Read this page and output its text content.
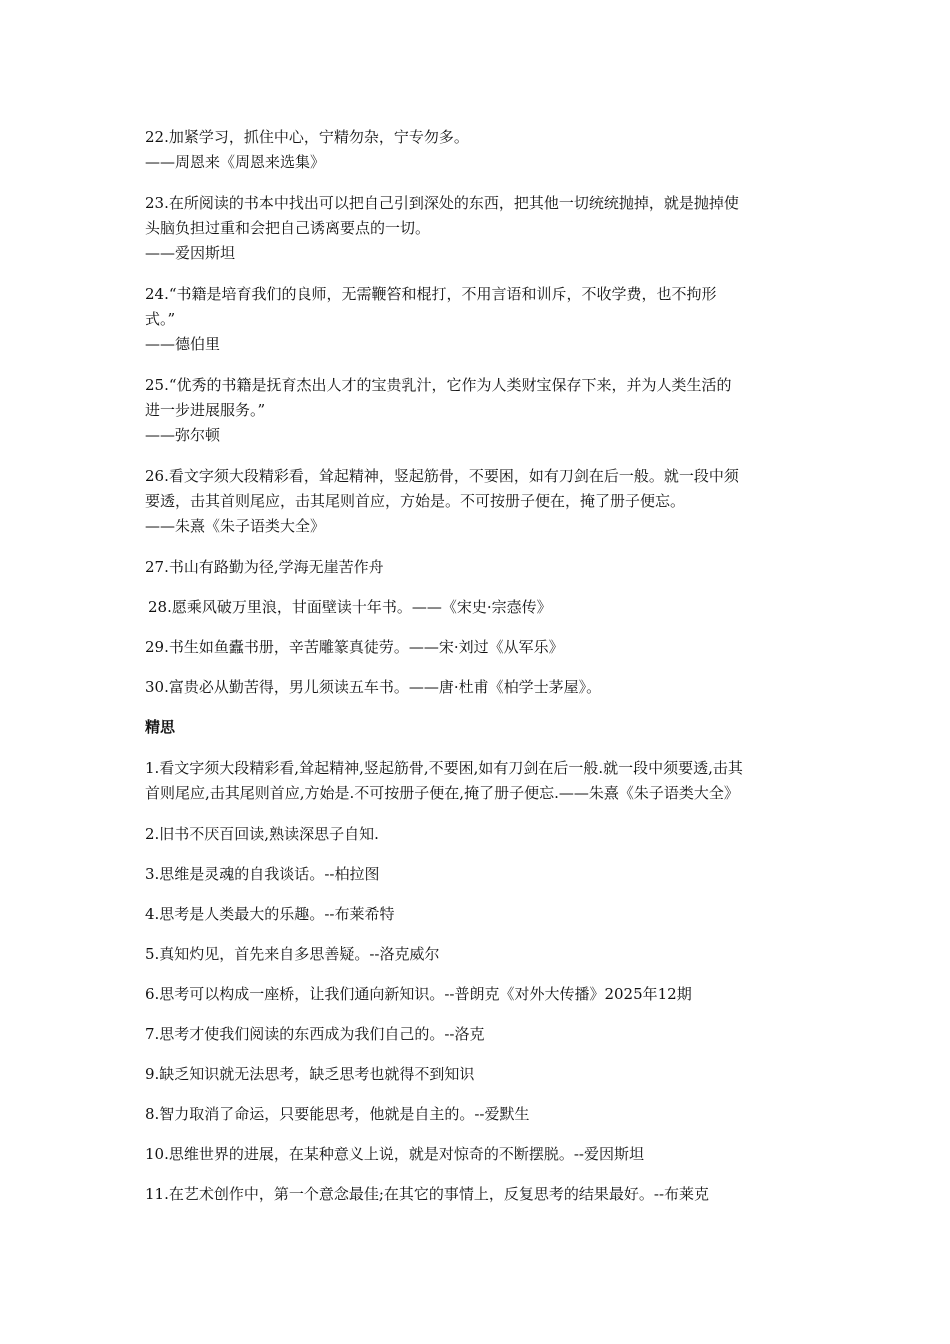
22.加紧学习，抓住中心，宁精勿杂，宁专勿多。
——周恩来《周恩来选集》
23.在所阅读的书本中找出可以把自己引到深处的东西，把其他一切统统抛掉，就是抛掉使
头脑负担过重和会把自己诱离要点的一切。
——爱因斯坦
24.“书籍是培育我们的良师，无需鞭笞和棍打，不用言语和训斥，不收学费，也不拘形
式。”
——德伯里
25.“优秀的书籍是抚育杰出人才的宝贵乳汁，它作为人类财宝保存下来，并为人类生活的
进一步进展服务。”
——弥尔顿
26.看文字须大段精彩看，耸起精神，竖起筋骨，不要困，如有刀剑在后一般。就一段中须
要透，击其首则尾应，击其尾则首应，方始是。不可按册子便在，掩了册子便忘。
——朱熹《朱子语类大全》
27.书山有路勤为径,学海无崖苦作舟
28.愿乘风破万里浪，甘面壁读十年书。——《宋史·宗悫传》
29.书生如鱼蠹书册，辛苦雕篆真徒劳。——宋·刘过《从军乐》
30.富贵必从勤苦得，男儿须读五车书。——唐·杜甫《柏学士茅屋》。
精思
1.看文字须大段精彩看,耸起精神,竖起筋骨,不要困,如有刀剑在后一般.就一段中须要透,击其
首则尾应,击其尾则首应,方始是.不可按册子便在,掩了册子便忘.——朱熹《朱子语类大全》
2.旧书不厌百回读,熟读深思子自知.
3.思维是灵魂的自我谈话。--柏拉图
4.思考是人类最大的乐趣。--布莱希特
5.真知灼见，首先来自多思善疑。--洛克威尔
6.思考可以构成一座桥，让我们通向新知识。--普朗克《对外大传播》2025年12期
7.思考才使我们阅读的东西成为我们自己的。--洛克
9.缺乏知识就无法思考，缺乏思考也就得不到知识
8.智力取消了命运，只要能思考，他就是自主的。--爱默生
10.思维世界的进展，在某种意义上说，就是对惊奇的不断摆脱。--爱因斯坦
11.在艺术创作中，第一个意念最佳;在其它的事情上，反复思考的结果最好。--布莱克
